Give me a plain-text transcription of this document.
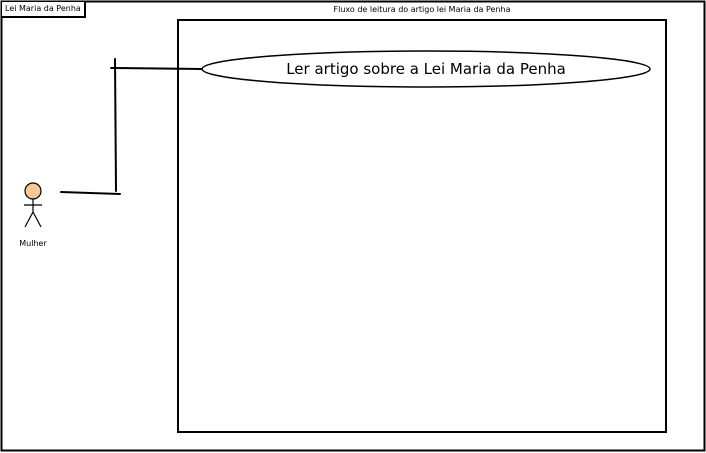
Lei Maria da Penha	Fluxo de leitura do artigo lei Maria da Penha
Ler artigo sobre a Lei Maria da Penha
Mulher
